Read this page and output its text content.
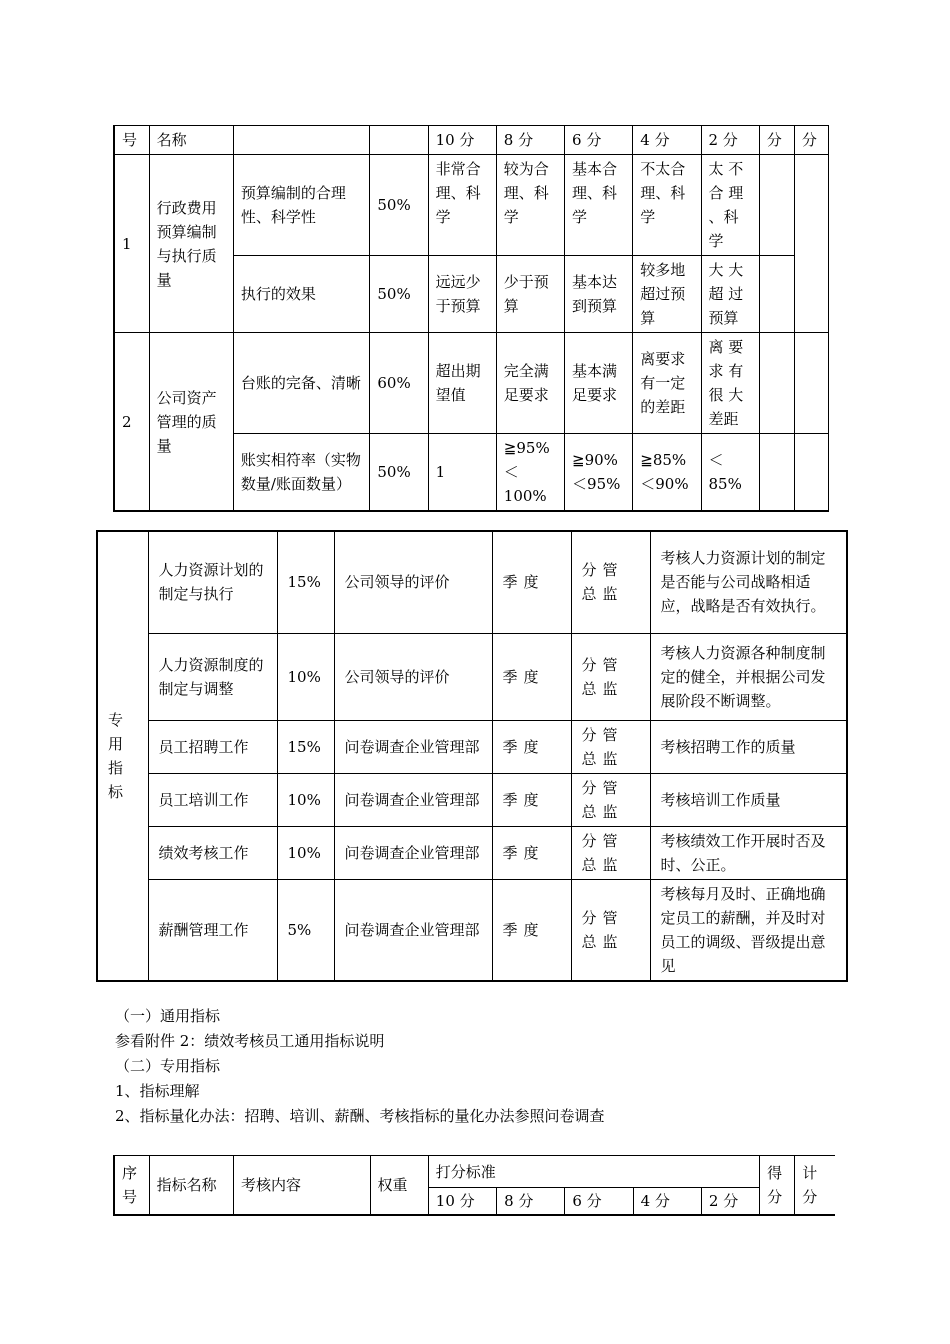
号	名称			10 分	8 分	6 分	4 分	2 分	分	分
1	行政费用预算编制与执行质量	预算编制的合理性、科学性	50%	非常合理、科学	较为合理、科学	基本合理、科学	不太合理、科学	太 不 合 理 、科学		
		执行的效果	50%	远远少于预算	少于预算	基本达到预算	较多地超过预算	大 大 超 过 预算		
2	公司资产管理的质量	台账的完备、清晰	60%	超出期望值	完全满足要求	基本满足要求	离要求有一定的差距	离 要 求 有 很 大 差距		
		账实相符率（实物数量/账面数量）	50%	1	≧95%＜100%	≧90%＜95%	≧85%＜90%	＜85%		
专用指标	人力资源计划的制定与执行	15%	公司领导的评价	季度	分管总监	考核人力资源计划的制定是否能与公司战略相适应，战略是否有效执行。
	人力资源制度的制定与调整	10%	公司领导的评价	季度	分管总监	考核人力资源各种制度制定的健全，并根据公司发展阶段不断调整。
	员工招聘工作	15%	问卷调查企业管理部	季度	分管总监	考核招聘工作的质量
	员工培训工作	10%	问卷调查企业管理部	季度	分管总监	考核培训工作质量
	绩效考核工作	10%	问卷调查企业管理部	季度	分管总监	考核绩效工作开展时否及时、公正。
	薪酬管理工作	5%	问卷调查企业管理部	季度	分管总监	考核每月及时、正确地确定员工的薪酬，并及时对员工的调级、晋级提出意见
（一）通用指标
参看附件 2：绩效考核员工通用指标说明
（二）专用指标
1、指标理解
2、指标量化办法：招聘、培训、薪酬、考核指标的量化办法参照问卷调查
序号	指标名称	考核内容	权重	打分标准					得分	计分
				10 分	8 分	6 分	4 分	2 分		
